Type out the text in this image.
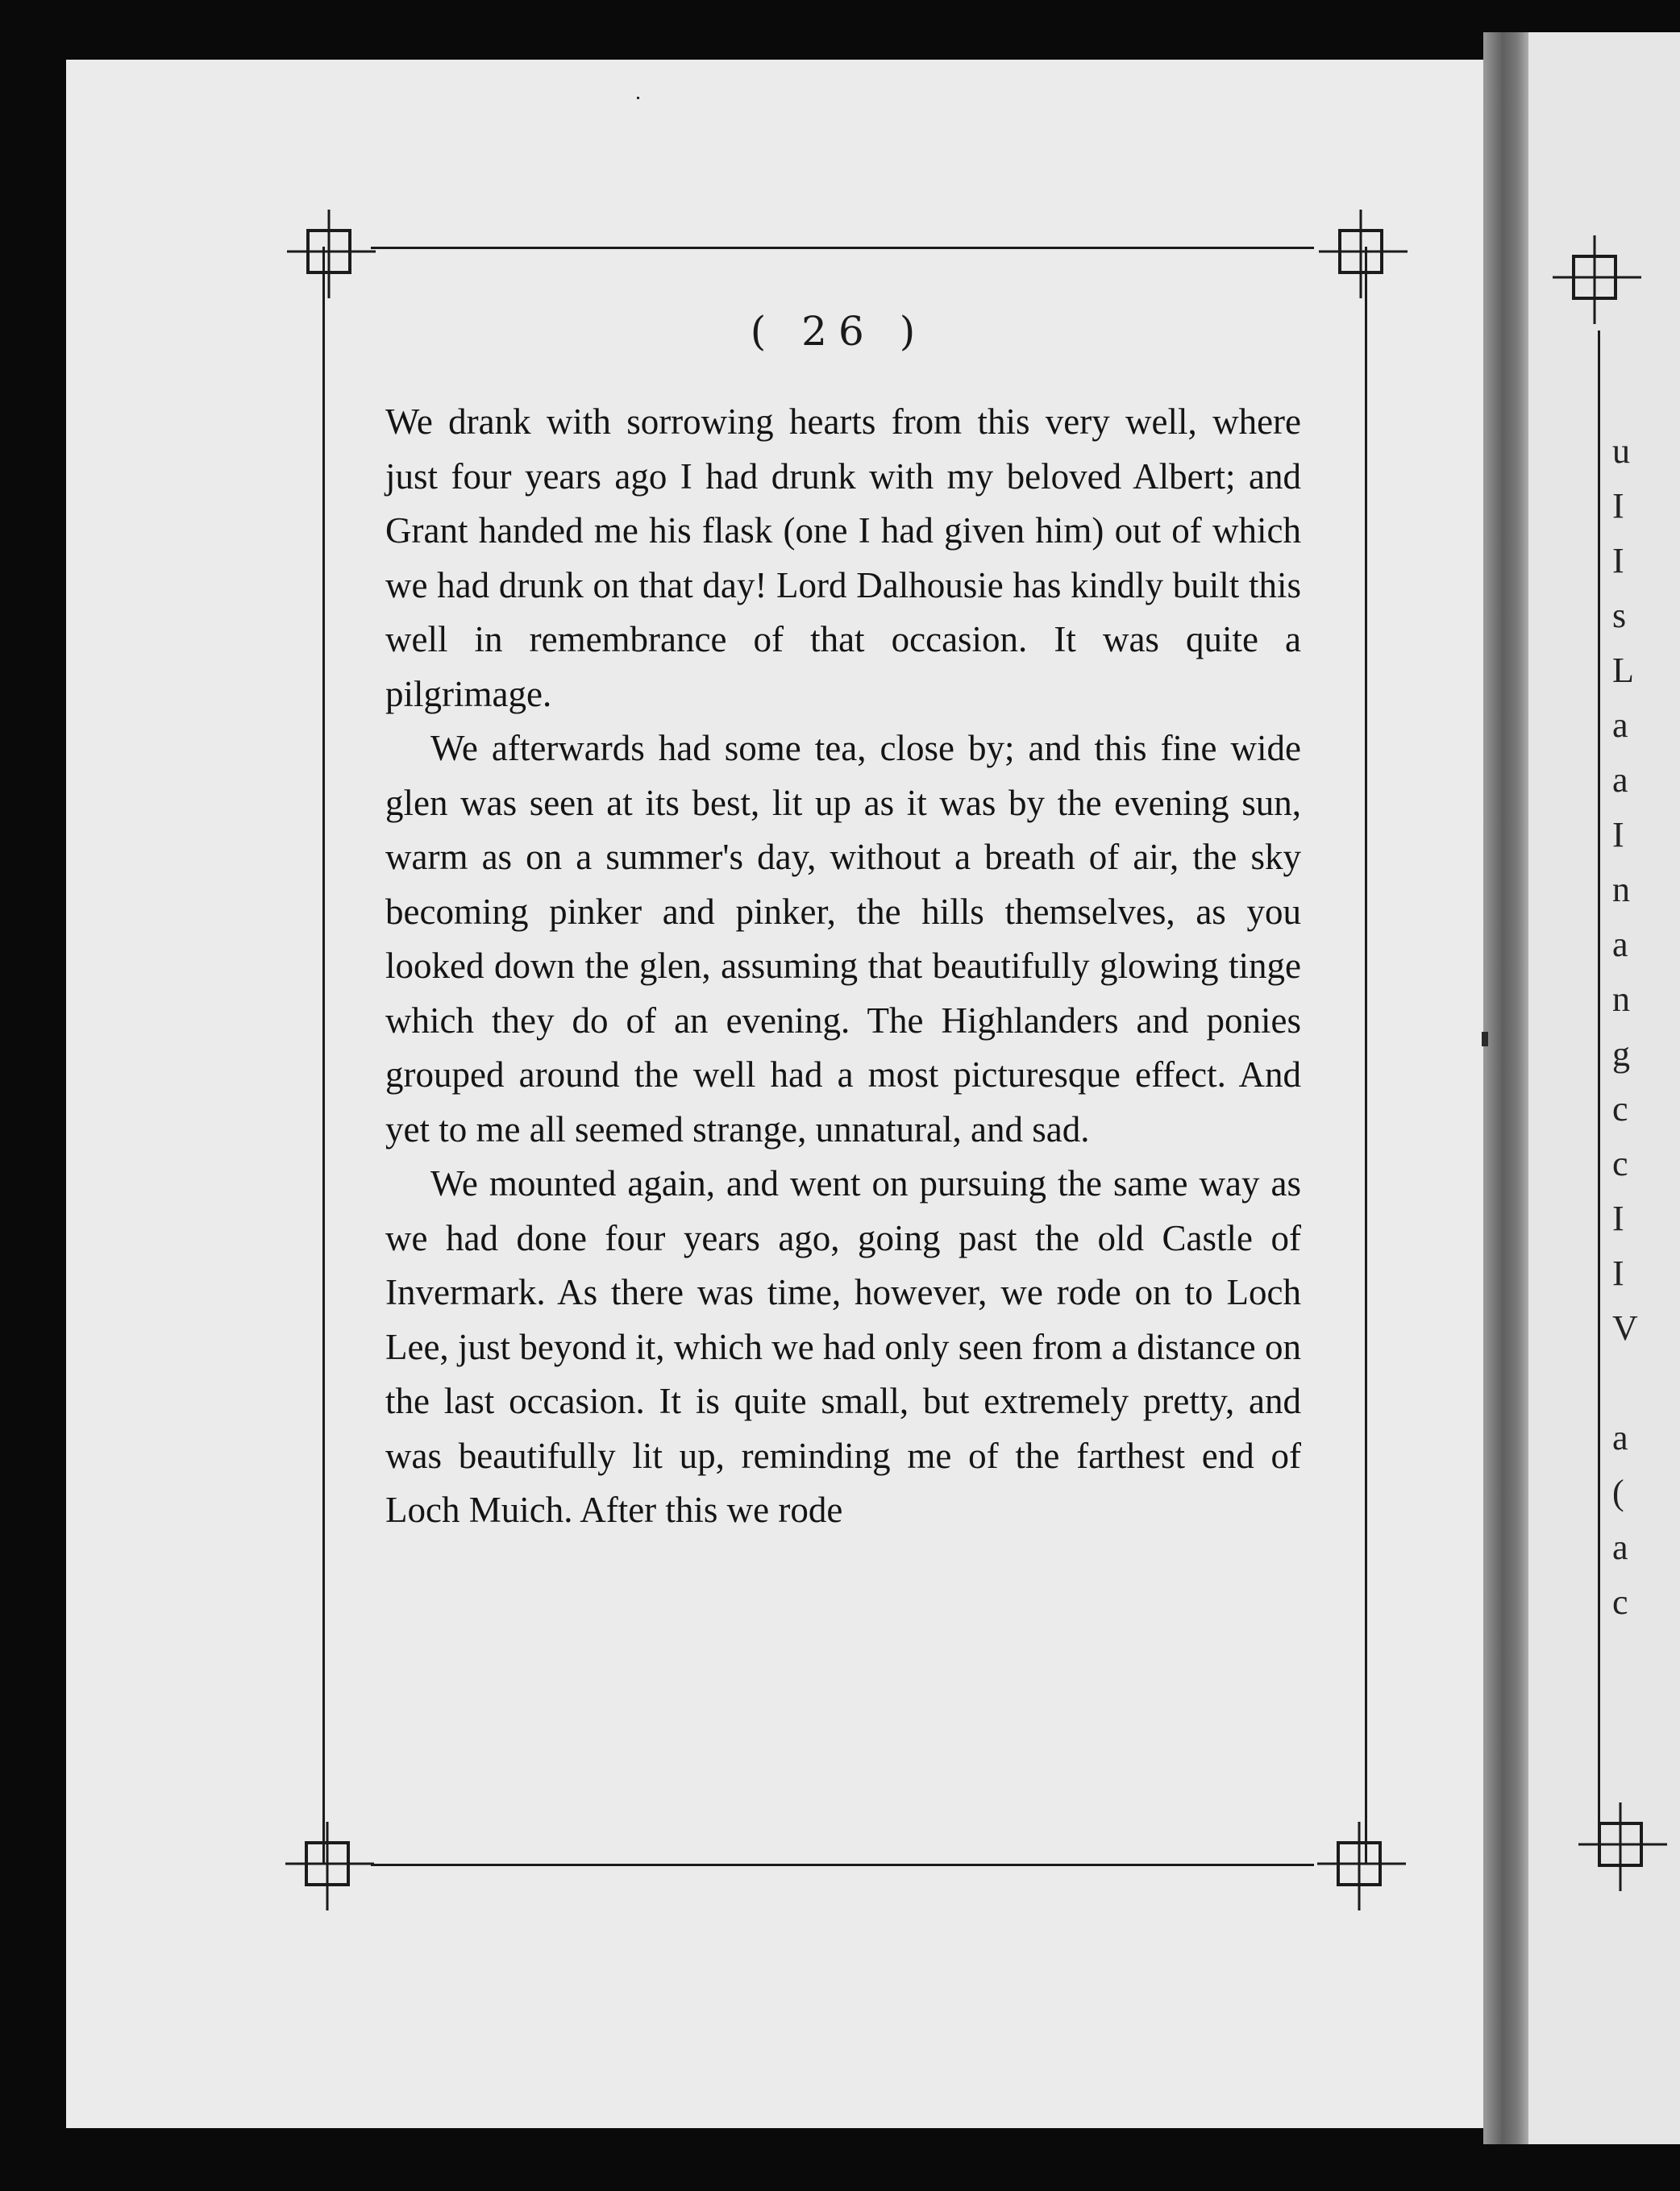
( 26 )

We drank with sorrowing hearts from this very well, where just four years ago I had drunk with my beloved Albert; and Grant handed me his flask (one I had given him) out of which we had drunk on that day! Lord Dalhousie has kindly built this well in remembrance of that occasion. It was quite a pilgrimage.

We afterwards had some tea, close by; and this fine wide glen was seen at its best, lit up as it was by the evening sun, warm as on a summer's day, without a breath of air, the sky becoming pinker and pinker, the hills themselves, as you looked down the glen, assuming that beautifully glowing tinge which they do of an evening. The Highlanders and ponies grouped around the well had a most picturesque effect. And yet to me all seemed strange, unnatural, and sad.

We mounted again, and went on pursuing the same way as we had done four years ago, going past the old Castle of Invermark. As there was time, however, we rode on to Loch Lee, just beyond it, which we had only seen from a distance on the last occasion. It is quite small, but extremely pretty, and was beautifully lit up, reminding me of the farthest end of Loch Muich. After this we rode

u
I
I
s
L
a
a
I
n
a
n
g
c
c
I
I
V
a
(
a
c
